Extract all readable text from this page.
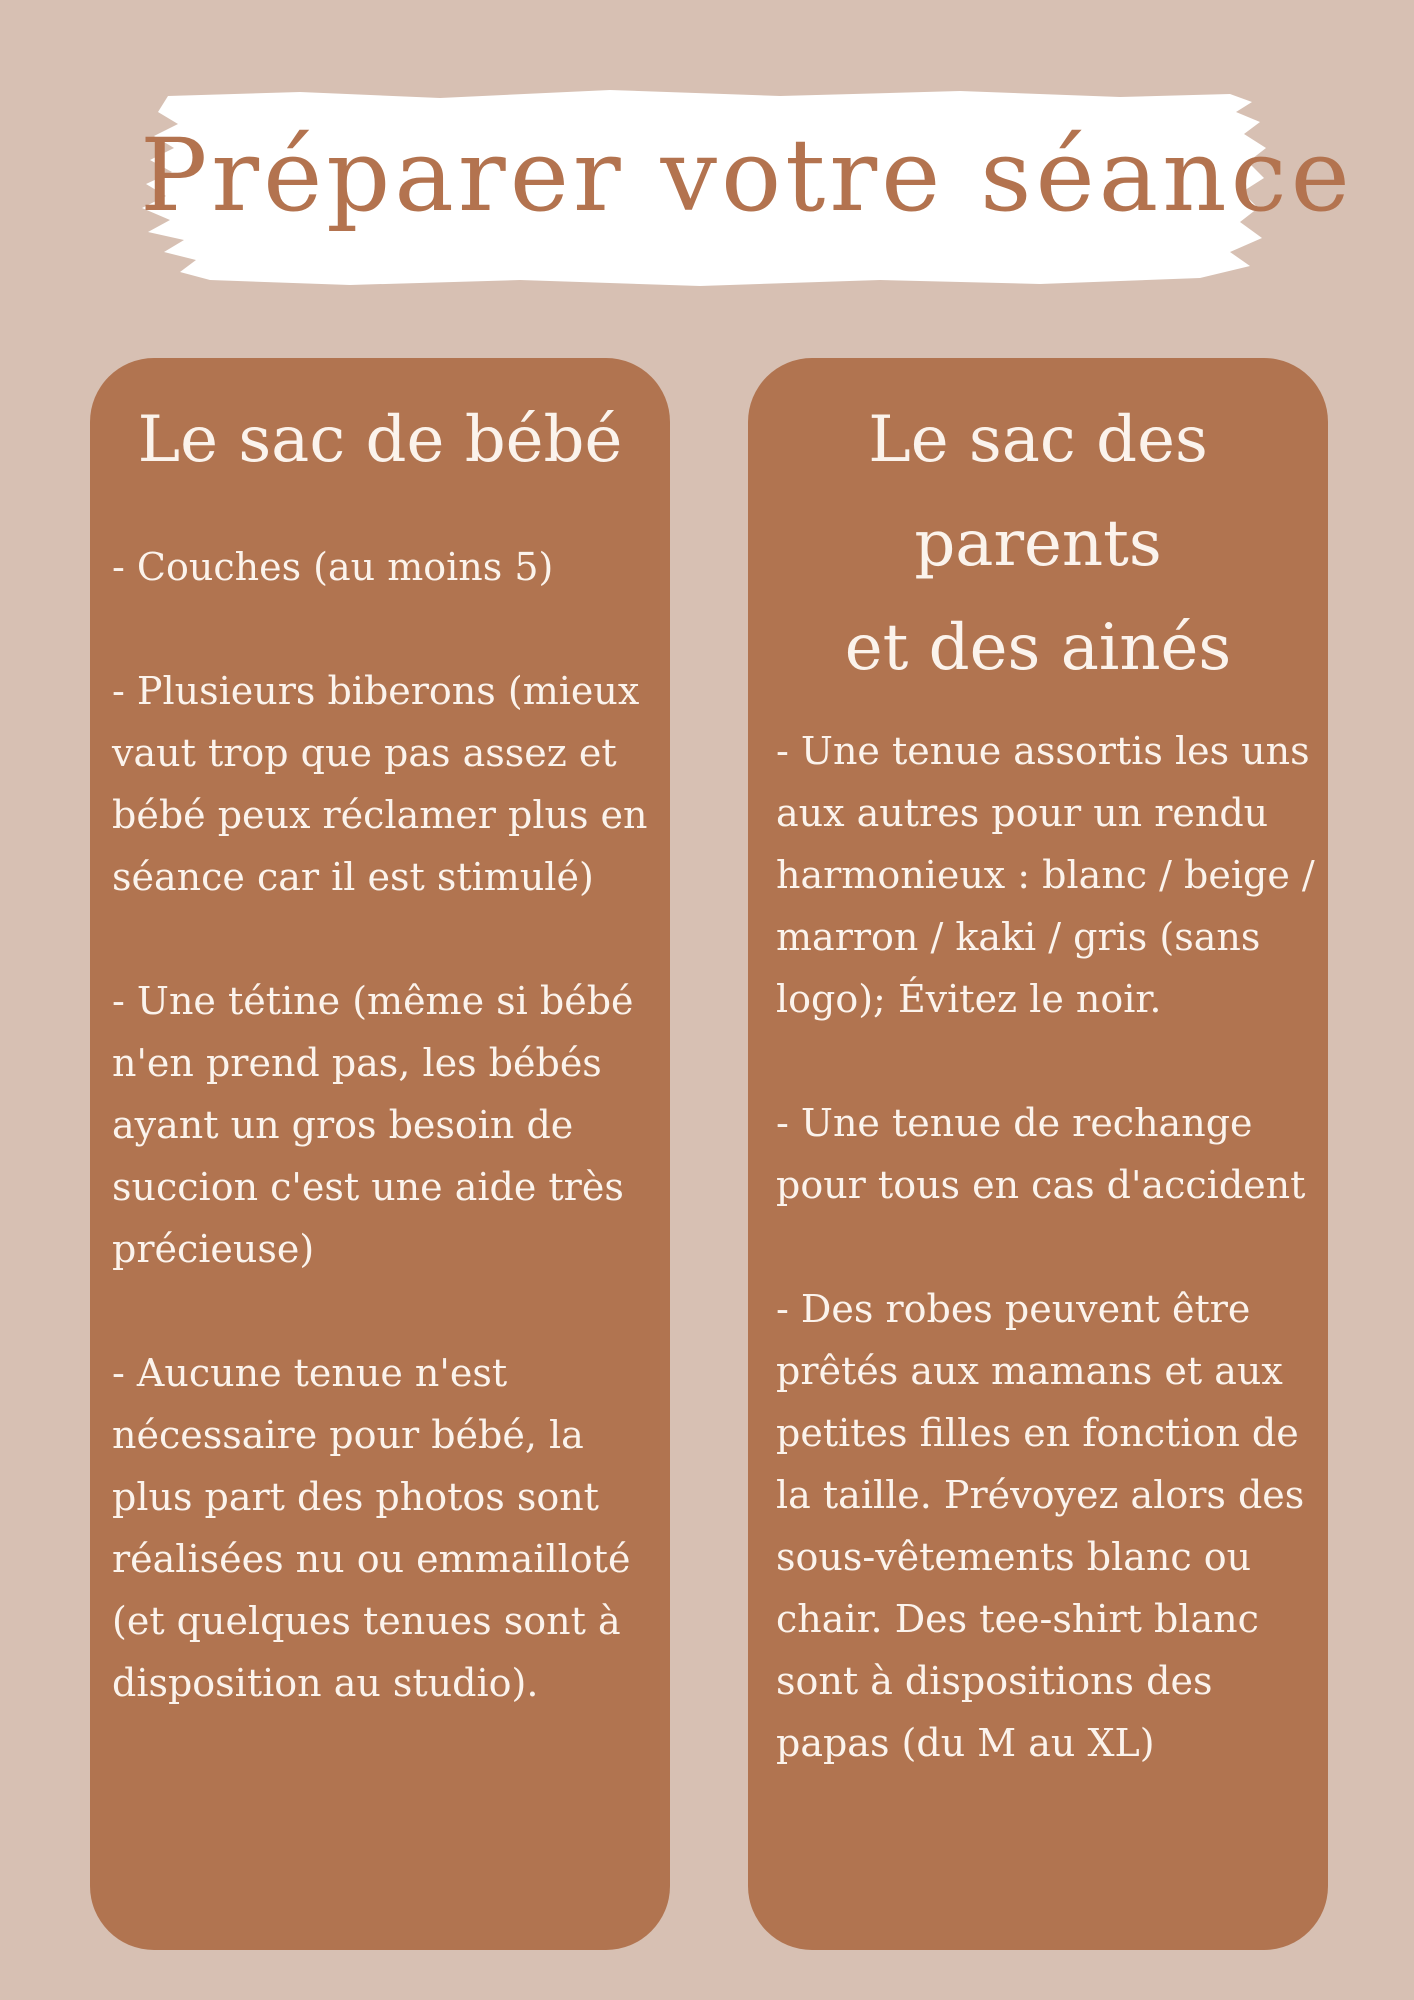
Préparer votre séance
Le sac de bébé
- Couches (au moins 5)
- Plusieurs biberons (mieux vaut trop que pas assez et bébé peux réclamer plus en séance car il est stimulé)
- Une tétine (même si bébé n'en prend pas, les bébés ayant un gros besoin de succion c'est une aide très précieuse)
- Aucune tenue n'est nécessaire pour bébé, la plus part des photos sont réalisées nu ou emmailloté (et quelques tenues sont à disposition au studio).
Le sac des parents
et des ainés
- Une tenue assortis les uns aux autres pour un rendu harmonieux : blanc / beige / marron / kaki / gris (sans logo); Évitez le noir.
- Une tenue de rechange pour tous en cas d'accident
- Des robes peuvent être prêtés aux mamans et aux petites filles en fonction de la taille. Prévoyez alors des sous-vêtements blanc ou chair. Des tee-shirt blanc sont à dispositions des papas (du M au XL)
